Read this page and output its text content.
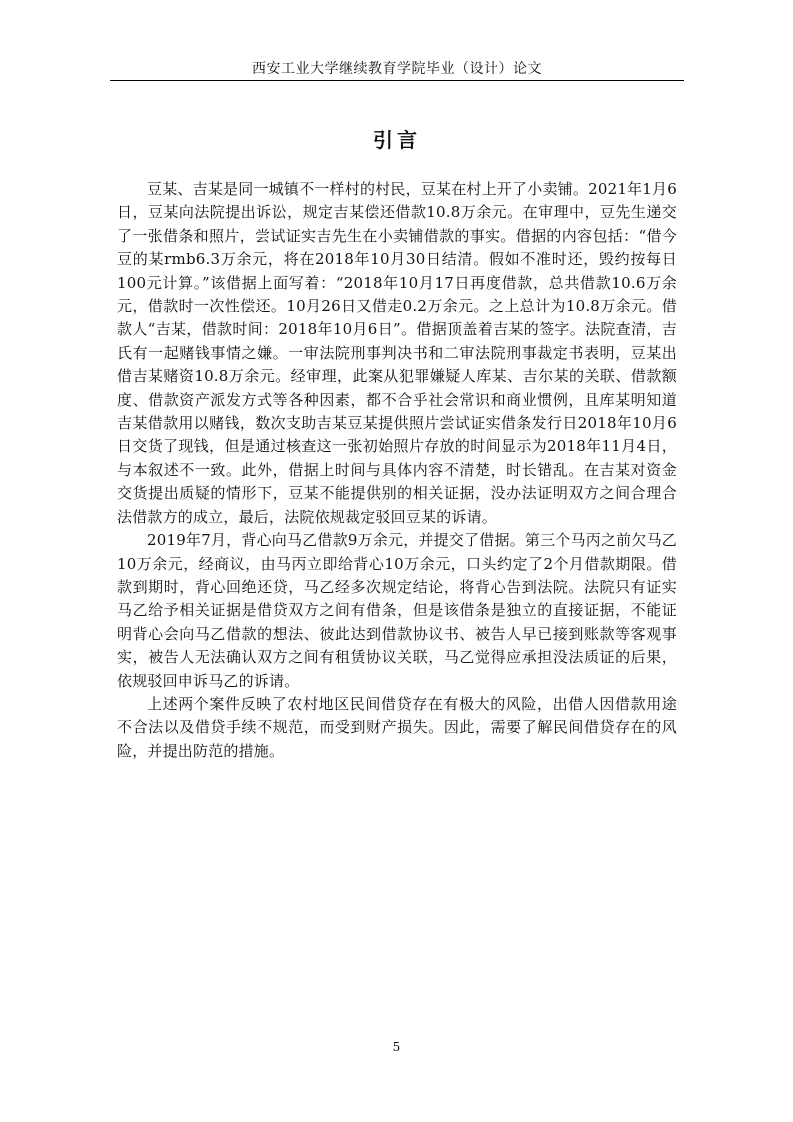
西安工业大学继续教育学院毕业（设计）论文
引言

豆某、吉某是同一城镇不一样村的村民，豆某在村上开了小卖铺。2021年1月6日，豆某向法院提出诉讼，规定吉某偿还借款10.8万余元。在审理中，豆先生递交了一张借条和照片，尝试证实吉先生在小卖铺借款的事实。借据的内容包括：“借今豆的某rmb6.3万余元，将在2018年10月30日结清。假如不准时还，毁约按每日100元计算。”该借据上面写着：“2018年10月17日再度借款，总共借款10.6万余元，借款时一次性偿还。10月26日又借走0.2万余元。之上总计为10.8万余元。借款人“吉某，借款时间：2018年10月6日”。借据顶盖着吉某的签字。法院查清，吉氏有一起赌钱事情之嫌。一审法院刑事判决书和二审法院刑事裁定书表明，豆某出借吉某赌资10.8万余元。经审理，此案从犯罪嫌疑人库某、吉尔某的关联、借款额度、借款资产派发方式等各种因素，都不合乎社会常识和商业惯例，且库某明知道吉某借款用以赌钱，数次支助吉某豆某提供照片尝试证实借条发行日2018年10月6日交货了现钱，但是通过核查这一张初始照片存放的时间显示为2018年11月4日，与本叙述不一致。此外，借据上时间与具体内容不清楚，时长错乱。在吉某对资金交货提出质疑的情形下，豆某不能提供别的相关证据，没办法证明双方之间合理合法借款方的成立，最后，法院依规裁定驳回豆某的诉请。

2019年7月，背心向马乙借款9万余元，并提交了借据。第三个马丙之前欠马乙10万余元，经商议，由马丙立即给背心10万余元，口头约定了2个月借款期限。借款到期时，背心回绝还贷，马乙经多次规定结论，将背心告到法院。法院只有证实马乙给予相关证据是借贷双方之间有借条，但是该借条是独立的直接证据，不能证明背心会向马乙借款的想法、彼此达到借款协议书、被告人早已接到账款等客观事实，被告人无法确认双方之间有租赁协议关联，马乙觉得应承担没法质证的后果，依规驳回申诉马乙的诉请。

上述两个案件反映了农村地区民间借贷存在有极大的风险，出借人因借款用途不合法以及借贷手续不规范，而受到财产损失。因此，需要了解民间借贷存在的风险，并提出防范的措施。

5
